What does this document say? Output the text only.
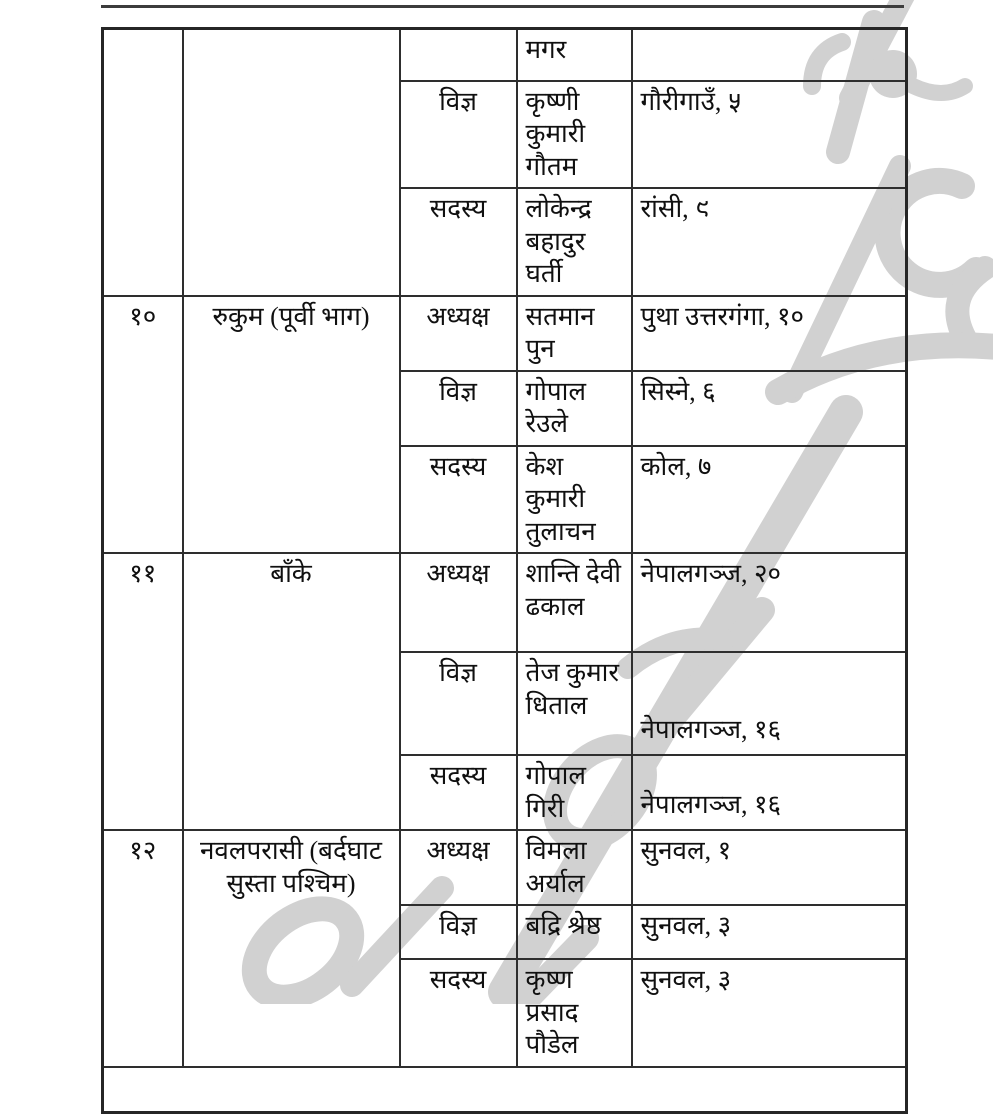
			मगर	
		विज्ञ	कृष्णी कुमारी गौतम	गौरीगाउँ, ५
		सदस्य	लोकेन्द्र बहादुर घर्ती	रांसी, ९
१०	रुकुम (पूर्वी भाग)	अध्यक्ष	सतमान पुन	पुथा उत्तरगंगा, १०
		विज्ञ	गोपाल रेउले	सिस्ने, ६
		सदस्य	केश कुमारी तुलाचन	कोल, ७
११	बाँके	अध्यक्ष	शान्ति देवी ढकाल	नेपालगञ्ज, २०
		विज्ञ	तेज कुमार धिताल	नेपालगञ्ज, १६
		सदस्य	गोपाल गिरी	नेपालगञ्ज, १६
१२	नवलपरासी (बर्दघाट सुस्ता पश्चिम)	अध्यक्ष	विमला अर्याल	सुनवल, १
		विज्ञ	बद्रि श्रेष्ठ	सुनवल, ३
		सदस्य	कृष्ण प्रसाद पौडेल	सुनवल, ३
